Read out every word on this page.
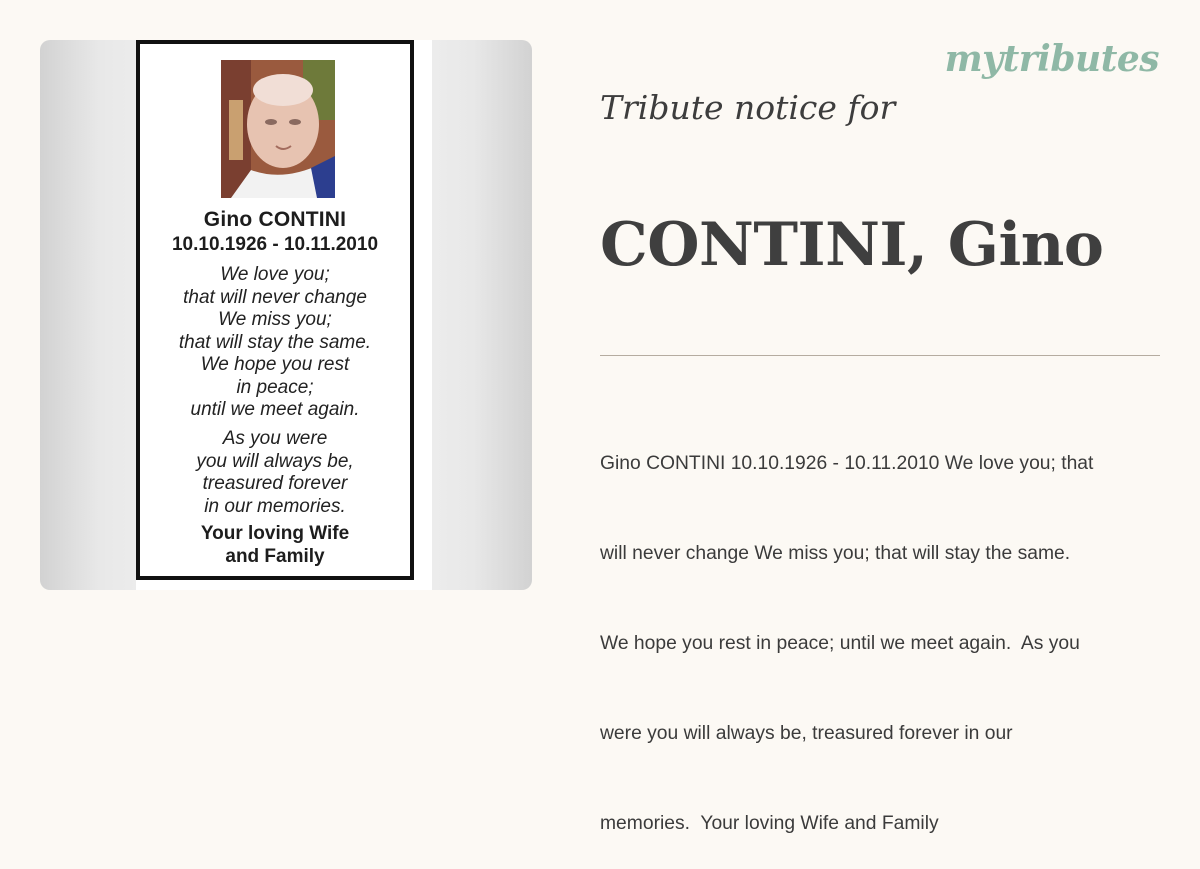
Gino CONTINI
10.10.1926 - 10.11.2010
We love you;
that will never change
We miss you;
that will stay the same.
We hope you rest
in peace;
until we meet again.
As you were
you will always be,
treasured forever
in our memories.
Your loving Wife
and Family
mytributes
Tribute notice for
CONTINI, Gino

Gino CONTINI 10.10.1926 - 10.11.2010 We love you; that

will never change We miss you; that will stay the same.

We hope you rest in peace; until we meet again.  As you

were you will always be, treasured forever in our

memories.  Your loving Wife and Family
